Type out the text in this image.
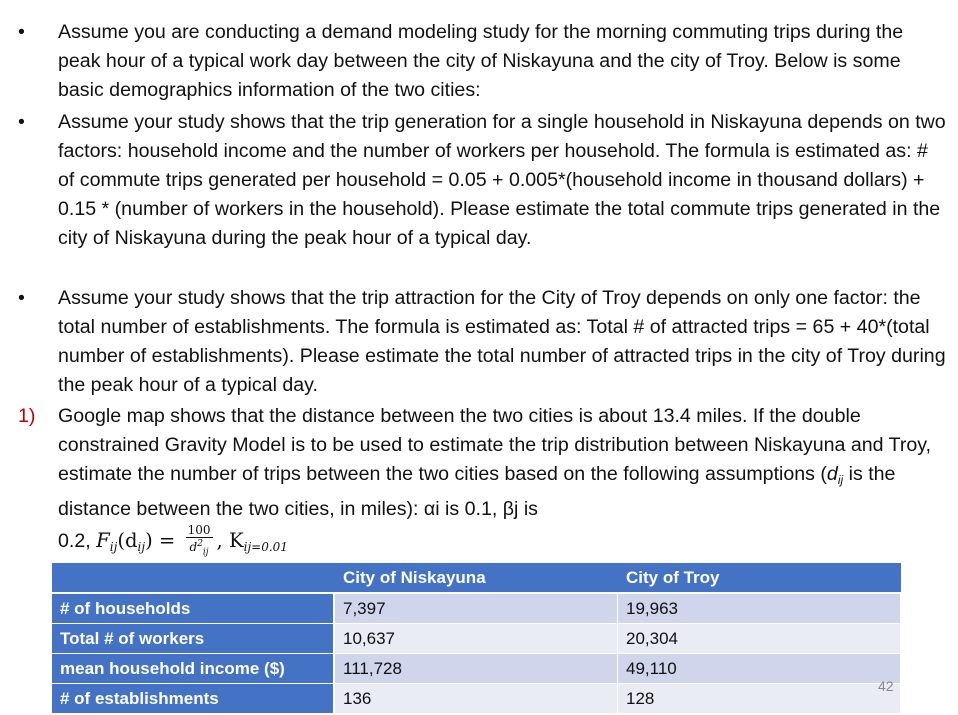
• Assume you are conducting a demand modeling study for the morning commuting trips during the peak hour of a typical work day between the city of Niskayuna and the city of Troy. Below is some basic demographics information of the two cities:

• Assume your study shows that the trip generation for a single household in Niskayuna depends on two factors: household income and the number of workers per household. The formula is estimated as: # of commute trips generated per household = 0.05 + 0.005*(household income in thousand dollars) + 0.15 * (number of workers in the household). Please estimate the total commute trips generated in the city of Niskayuna during the peak hour of a typical day.

• Assume your study shows that the trip attraction for the City of Troy depends on only one factor: the total number of establishments. The formula is estimated as: Total # of attracted trips = 65 + 40*(total number of establishments). Please estimate the total number of attracted trips in the city of Troy during the peak hour of a typical day.

1) Google map shows that the distance between the two cities is about 13.4 miles. If the double constrained Gravity Model is to be used to estimate the trip distribution between Niskayuna and Troy, estimate the number of trips between the two cities based on the following assumptions ($d_{ij}$ is the distance between the two cities, in miles): αi is 0.1, βj is
0.2, $F_{ij}(d_{ij}) = \frac{100}{d^2_{ij}}$ , $K_{ij=0.01}$

	City of Niskayuna	City of Troy
# of households	7,397	19,963
Total # of workers	10,637	20,304
mean household income ($)	111,728	49,110
# of establishments	136	128
42
